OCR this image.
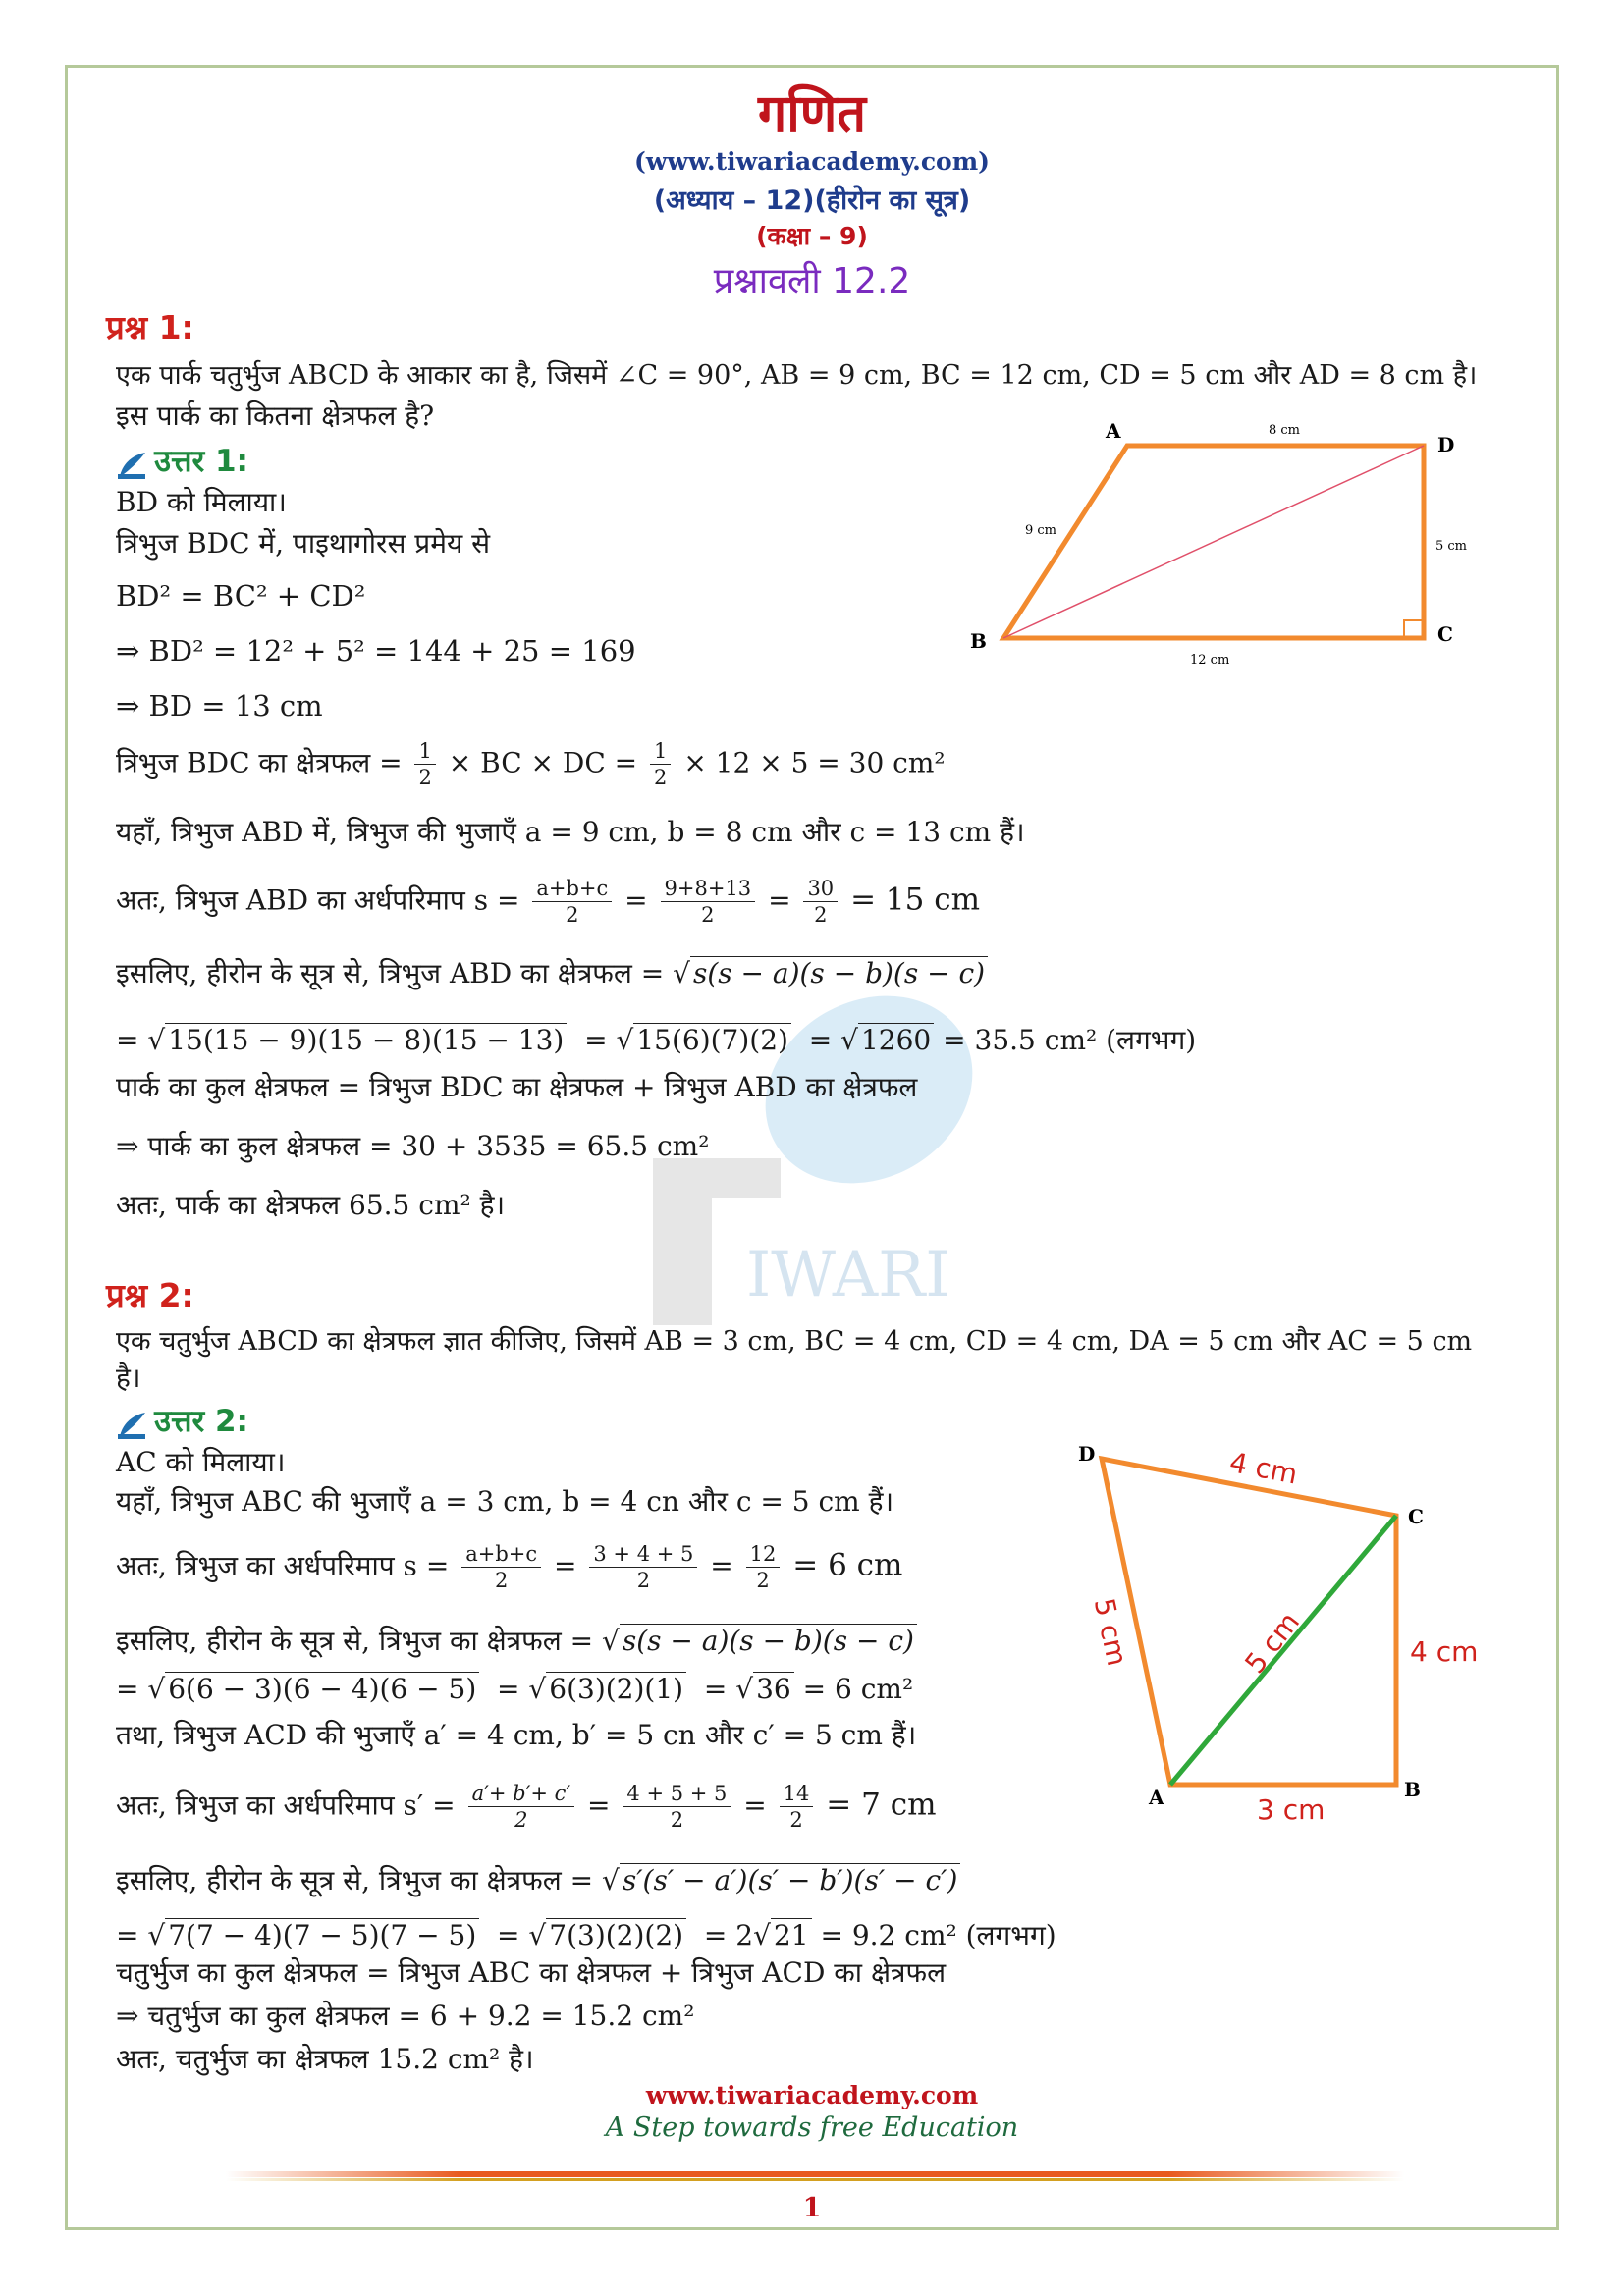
IWARI
गणित
(www.tiwariacademy.com)
(अध्याय – 12)(हीरोन का सूत्र)
(कक्षा – 9)
प्रश्नावली 12.2
प्रश्न 1:
एक पार्क चतुर्भुज ABCD के आकार का है, जिसमें ∠C = 90°, AB = 9 cm, BC = 12 cm, CD = 5 cm और AD = 8 cm है।
इस पार्क का कितना क्षेत्रफल है?
उत्तर 1:
BD को मिलाया।
त्रिभुज BDC में, पाइथागोरस प्रमेय से
BD² = BC² + CD²
⇒ BD² = 12² + 5² = 144 + 25 = 169
⇒ BD = 13 cm
त्रिभुज BDC का क्षेत्रफल = $\frac{1}{2}$ × BC × DC = $\frac{1}{2} \times 12 \times 5 = 30$ cm²
यहाँ, त्रिभुज ABD में, त्रिभुज की भुजाएँ a = 9 cm, b = 8 cm और c = 13 cm हैं।
अतः, त्रिभुज ABD का अर्धपरिमाप $s = \frac{a+b+c}{2} = \frac{9+8+13}{2} = \frac{30}{2} = 15$ cm
इसलिए, हीरोन के सूत्र से, त्रिभुज ABD का क्षेत्रफल = √ s(s − a)(s − b)(s − c)
= √ 15(15 − 9)(15 − 8)(15 − 13)  = √ 15(6)(7)(2)  = √ 1260 = 35.5 cm² (लगभग)
पार्क का कुल क्षेत्रफल = त्रिभुज BDC का क्षेत्रफल + त्रिभुज ABD का क्षेत्रफल
⇒ पार्क का कुल क्षेत्रफल = 30 + 3535 = 65.5 cm²
अतः, पार्क का क्षेत्रफल 65.5 cm² है।
A
D
C
B
8 cm
9 cm
5 cm
12 cm
प्रश्न 2:
एक चतुर्भुज ABCD का क्षेत्रफल ज्ञात कीजिए, जिसमें AB = 3 cm, BC = 4 cm, CD = 4 cm, DA = 5 cm और AC = 5 cm
है।
उत्तर 2:
AC को मिलाया।
यहाँ, त्रिभुज ABC की भुजाएँ a = 3 cm, b = 4 cn और c = 5 cm हैं।
अतः, त्रिभुज का अर्धपरिमाप $s = \frac{a+b+c}{2} = \frac{3 + 4 + 5}{2} = \frac{12}{2} = 6$ cm
इसलिए, हीरोन के सूत्र से, त्रिभुज का क्षेत्रफल = √ s(s − a)(s − b)(s − c)
= √ 6(6 − 3)(6 − 4)(6 − 5)  = √ 6(3)(2)(1)  = √ 36 = 6 cm²
तथा, त्रिभुज ACD की भुजाएँ a′ = 4 cm, b′ = 5 cn और c′ = 5 cm हैं।
अतः, त्रिभुज का अर्धपरिमाप $s' = \frac{a'+ b'+ c'}{2} = \frac{4 + 5 + 5}{2} = \frac{14}{2} = 7$ cm
इसलिए, हीरोन के सूत्र से, त्रिभुज का क्षेत्रफल = √ s′(s′ − a′)(s′ − b′)(s′ − c′)
= √ 7(7 − 4)(7 − 5)(7 − 5)  = √ 7(3)(2)(2) = 2√ 21 = 9.2 cm² (लगभग)
चतुर्भुज का कुल क्षेत्रफल = त्रिभुज ABC का क्षेत्रफल + त्रिभुज ACD का क्षेत्रफल
⇒ चतुर्भुज का कुल क्षेत्रफल = 6 + 9.2 = 15.2 cm²
अतः, चतुर्भुज का क्षेत्रफल 15.2 cm² है।
D
C
A	B
4 cm
5 cm	5 cm	4 cm
3 cm
www.tiwariacademy.com
A Step towards free Education
1
